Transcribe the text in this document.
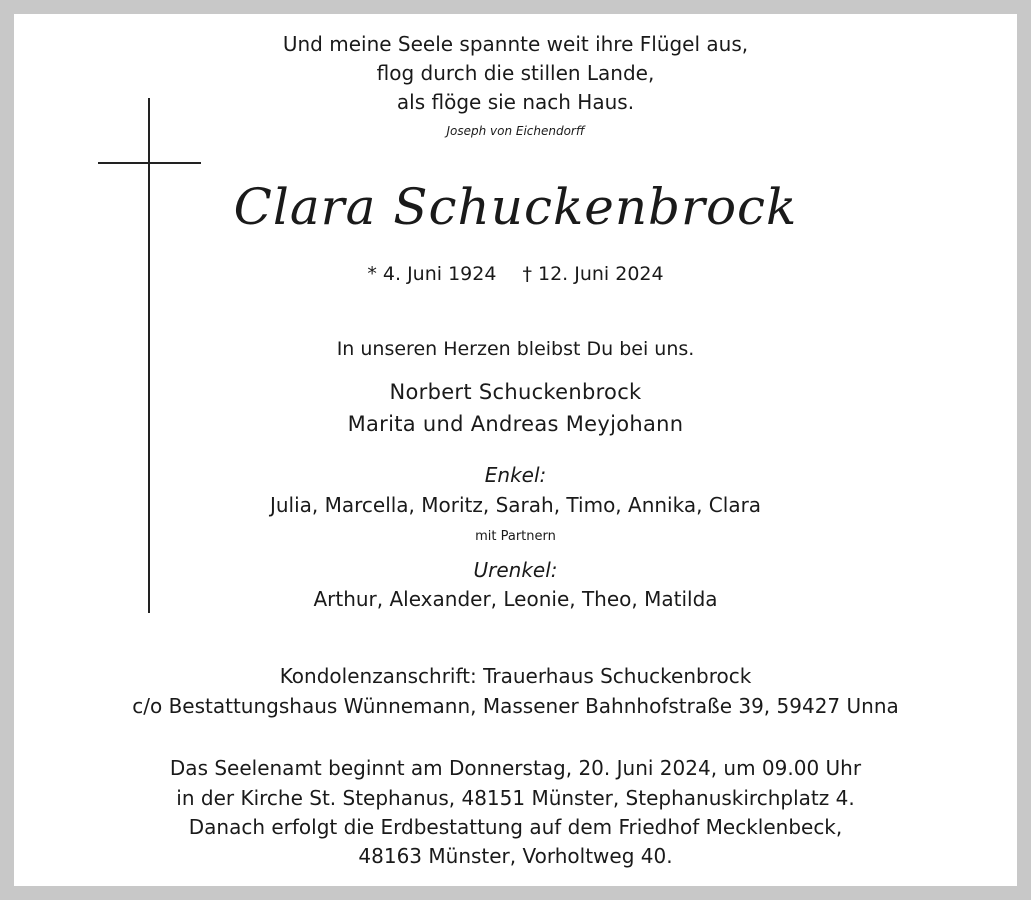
Und meine Seele spannte weit ihre Flügel aus,
flog durch die stillen Lande,
als flöge sie nach Haus.
Joseph von Eichendorff
Clara Schuckenbrock
* 4. Juni 1924 † 12. Juni 2024
In unseren Herzen bleibst Du bei uns.
Norbert Schuckenbrock
Marita und Andreas Meyjohann
Enkel:
Julia, Marcella, Moritz, Sarah, Timo, Annika, Clara
mit Partnern
Urenkel:
Arthur, Alexander, Leonie, Theo, Matilda
Kondolenzanschrift: Trauerhaus Schuckenbrock
c/o Bestattungshaus Wünnemann, Massener Bahnhofstraße 39, 59427 Unna
Das Seelenamt beginnt am Donnerstag, 20. Juni 2024, um 09.00 Uhr
in der Kirche St. Stephanus, 48151 Münster, Stephanuskirchplatz 4.
Danach erfolgt die Erdbestattung auf dem Friedhof Mecklenbeck,
48163 Münster, Vorholtweg 40.
